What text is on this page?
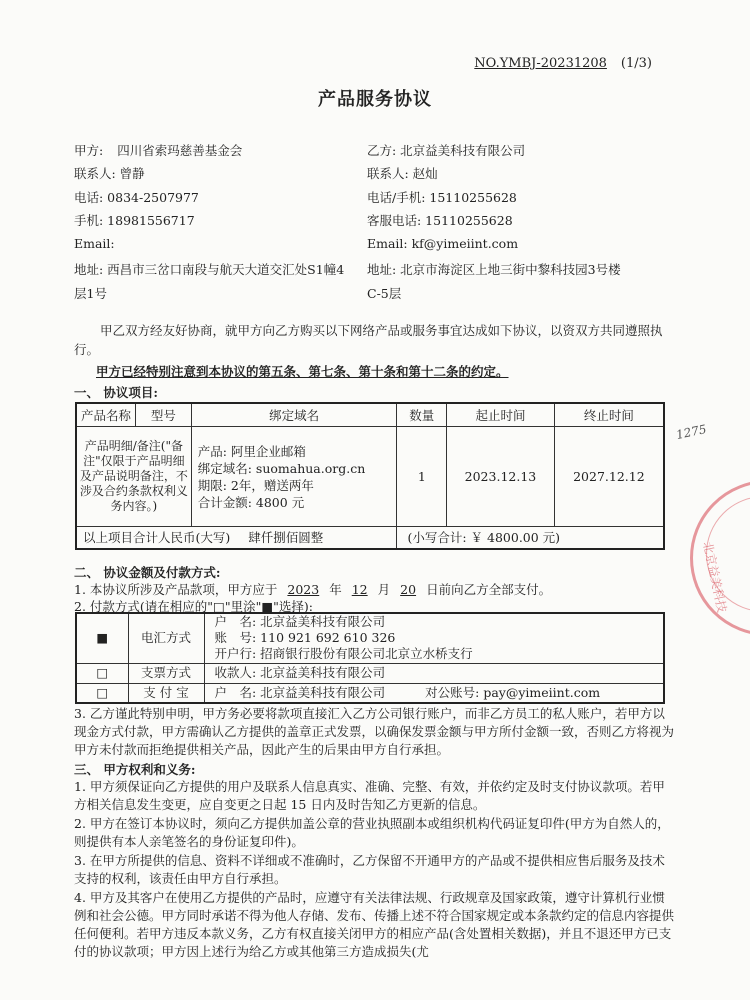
NO.YMBJ-20231208 (1/3)
产品服务协议
甲方: 四川省索玛慈善基金会
联系人: 曾静
电话: 0834-2507977
手机: 18981556717
Email:
地址: 西昌市三岔口南段与航天大道交汇处S1幢4
层1号
乙方: 北京益美科技有限公司
联系人: 赵灿
电话/手机: 15110255628
客服电话: 15110255628
Email: kf@yimeiint.com
地址: 北京市海淀区上地三街中黎科技园3号楼
C-5层
甲乙双方经友好协商，就甲方向乙方购买以下网络产品或服务事宜达成如下协议，以资双方共同遵照执行。
甲方已经特别注意到本协议的第五条、第七条、第十条和第十二条的约定。
一、 协议项目:
产品名称	型号	绑定域名	数量	起止时间	终止时间
产品明细/备注("备注"仅限于产品明细及产品说明备注，不涉及合约条款权利义务内容。)		产品: 阿里企业邮箱
绑定域名: suomahua.org.cn
期限: 2年，赠送两年
合计金额: 4800 元	1	2023.12.13	2027.12.12
以上项目合计人民币(大写) 肆仟捌佰圆整			(小写合计: ￥ 4800.00 元)		
二、 协议金额及付款方式:
1. 本协议所涉及产品款项，甲方应于 2023 年 12 月 20 日前向乙方全部支付。
2. 付款方式(请在相应的"□"里涂"■"选择):
■	电汇方式	户　名: 北京益美科技有限公司
账　号: 110 921 692 610 326
开户行: 招商银行股份有限公司北京立水桥支行

□	支票方式	收款人: 北京益美科技有限公司
□	支 付 宝	户　名: 北京益美科技有限公司 对公账号: pay@yimeiint.com
3. 乙方谨此特别申明，甲方务必要将款项直接汇入乙方公司银行账户，而非乙方员工的私人账户，若甲方以现金方式付款，甲方需确认乙方提供的盖章正式发票，以确保发票金额与甲方所付金额一致，否则乙方将视为甲方未付款而拒绝提供相关产品，因此产生的后果由甲方自行承担。
三、 甲方权利和义务:
1. 甲方须保证向乙方提供的用户及联系人信息真实、准确、完整、有效，并依约定及时支付协议款项。若甲方相关信息发生变更，应自变更之日起 15 日内及时告知乙方更新的信息。
2. 甲方在签订本协议时，须向乙方提供加盖公章的营业执照副本或组织机构代码证复印件(甲方为自然人的，则提供有本人亲笔签名的身份证复印件)。
3. 在甲方所提供的信息、资料不详细或不准确时，乙方保留不开通甲方的产品或不提供相应售后服务及技术支持的权利，该责任由甲方自行承担。
4. 甲方及其客户在使用乙方提供的产品时，应遵守有关法律法规、行政规章及国家政策，遵守计算机行业惯例和社会公德。甲方同时承诺不得为他人存储、发布、传播上述不符合国家规定或本条款约定的信息内容提供任何便利。若甲方违反本款义务，乙方有权直接关闭甲方的相应产品(含处置相关数据)，并且不退还甲方已支付的协议款项；甲方因上述行为给乙方或其他第三方造成损失(尤
1275
北京益美科技
